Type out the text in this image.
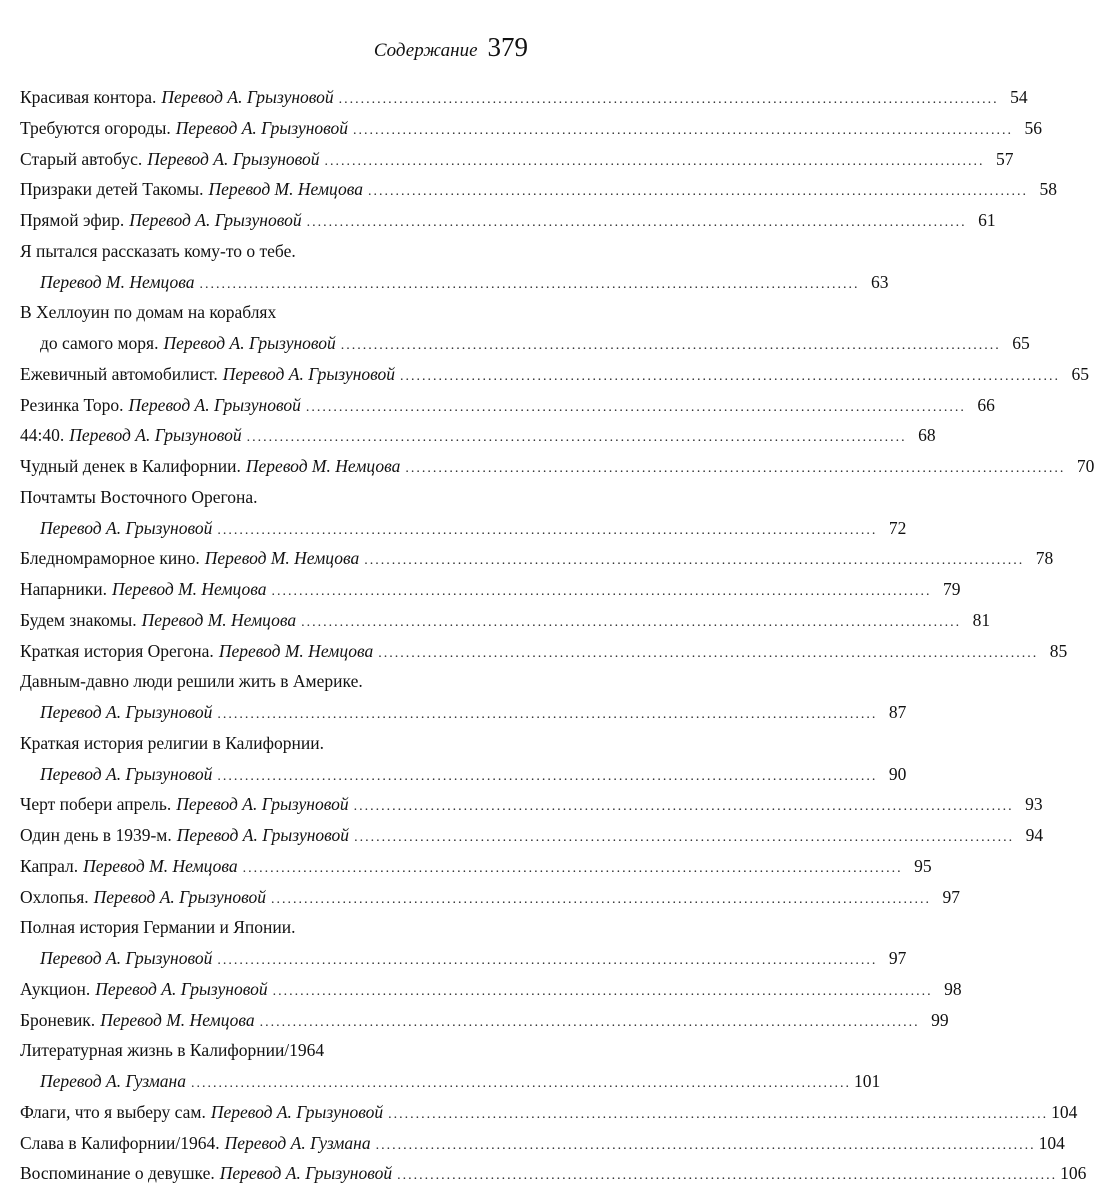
Содержание 379
Красивая контора. Перевод А. Грызуновой ........................................................................................................................ 54
Требуются огороды. Перевод А. Грызуновой ........................................................................................................................ 56
Старый автобус. Перевод А. Грызуновой ........................................................................................................................ 57
Призраки детей Такомы. Перевод М. Немцова ........................................................................................................................ 58
Прямой эфир. Перевод А. Грызуновой ........................................................................................................................ 61
Я пытался рассказать кому-то о тебе.
Перевод М. Немцова ........................................................................................................................ 63
В Хеллоуин по домам на кораблях
до самого моря. Перевод А. Грызуновой ........................................................................................................................ 65
Ежевичный автомобилист. Перевод А. Грызуновой ........................................................................................................................ 65
Резинка Торо. Перевод А. Грызуновой ........................................................................................................................ 66
44:40. Перевод А. Грызуновой ........................................................................................................................ 68
Чудный денек в Калифорнии. Перевод М. Немцова ........................................................................................................................ 70
Почтамты Восточного Орегона.
Перевод А. Грызуновой ........................................................................................................................ 72
Бледномраморное кино. Перевод М. Немцова ........................................................................................................................ 78
Напарники. Перевод М. Немцова ........................................................................................................................ 79
Будем знакомы. Перевод М. Немцова ........................................................................................................................ 81
Краткая история Орегона. Перевод М. Немцова ........................................................................................................................ 85
Давным-давно люди решили жить в Америке.
Перевод А. Грызуновой ........................................................................................................................ 87
Краткая история религии в Калифорнии.
Перевод А. Грызуновой ........................................................................................................................ 90
Черт побери апрель. Перевод А. Грызуновой ........................................................................................................................ 93
Один день в 1939-м. Перевод А. Грызуновой ........................................................................................................................ 94
Капрал. Перевод М. Немцова ........................................................................................................................ 95
Охлопья. Перевод А. Грызуновой ........................................................................................................................ 97
Полная история Германии и Японии.
Перевод А. Грызуновой ........................................................................................................................ 97
Аукцион. Перевод А. Грызуновой ........................................................................................................................ 98
Броневик. Перевод М. Немцова ........................................................................................................................ 99
Литературная жизнь в Калифорнии/1964
Перевод А. Гузмана ........................................................................................................................ 101
Флаги, что я выберу сам. Перевод А. Грызуновой ........................................................................................................................ 104
Слава в Калифорнии/1964. Перевод А. Гузмана ........................................................................................................................ 104
Воспоминание о девушке. Перевод А. Грызуновой ........................................................................................................................ 106
